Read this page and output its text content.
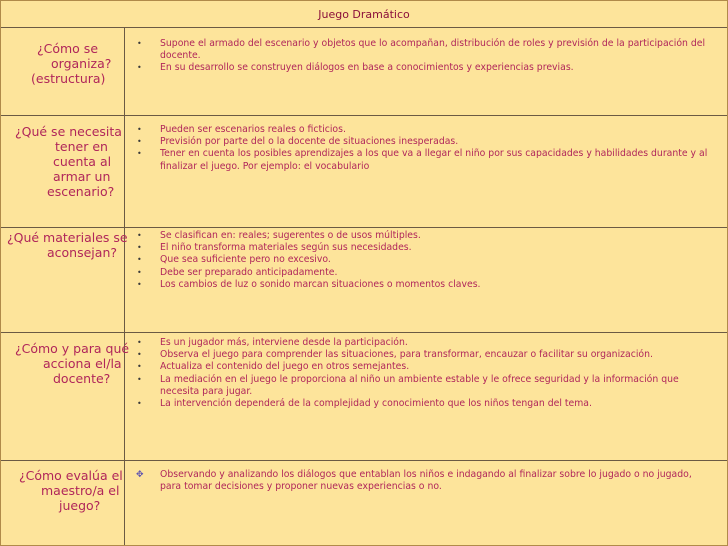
Juego Dramático
¿Cómo se
organiza?
(estructura)
• Supone el armado del escenario y objetos que lo acompañan, distribución de roles y previsión de la participación del docente.
• En su desarrollo se construyen diálogos en base a conocimientos y experiencias previas.
¿Qué se necesita
tener en
cuenta al
armar un
escenario?
• Pueden ser escenarios reales o ficticios.
• Previsión por parte del o la docente de situaciones inesperadas.
• Tener en cuenta los posibles aprendizajes a los que va a llegar el niño por sus capacidades y habilidades durante y al finalizar el juego. Por ejemplo: el vocabulario
¿Qué materiales se
aconsejan?
• Se clasifican en: reales; sugerentes o de usos múltiples.
• El niño transforma materiales según sus necesidades.
• Que sea suficiente pero no excesivo.
• Debe ser preparado anticipadamente.
• Los cambios de luz o sonido marcan situaciones o momentos claves.
¿Cómo y para qué
acciona el/la
docente?
• Es un jugador más, interviene desde la participación.
• Observa el juego para comprender las situaciones, para transformar, encauzar o facilitar su organización.
• Actualiza el contenido del juego en otros semejantes.
• La mediación en el juego le proporciona al niño un ambiente estable y le ofrece seguridad y la información que necesita para jugar.
• La intervención dependerá de la complejidad y conocimiento que los niños tengan del tema.
¿Cómo evalúa el
maestro/a el
juego?
✥ Observando y analizando los diálogos que entablan los niños e indagando al finalizar sobre lo jugado o no jugado, para tomar decisiones y proponer nuevas experiencias o no.
